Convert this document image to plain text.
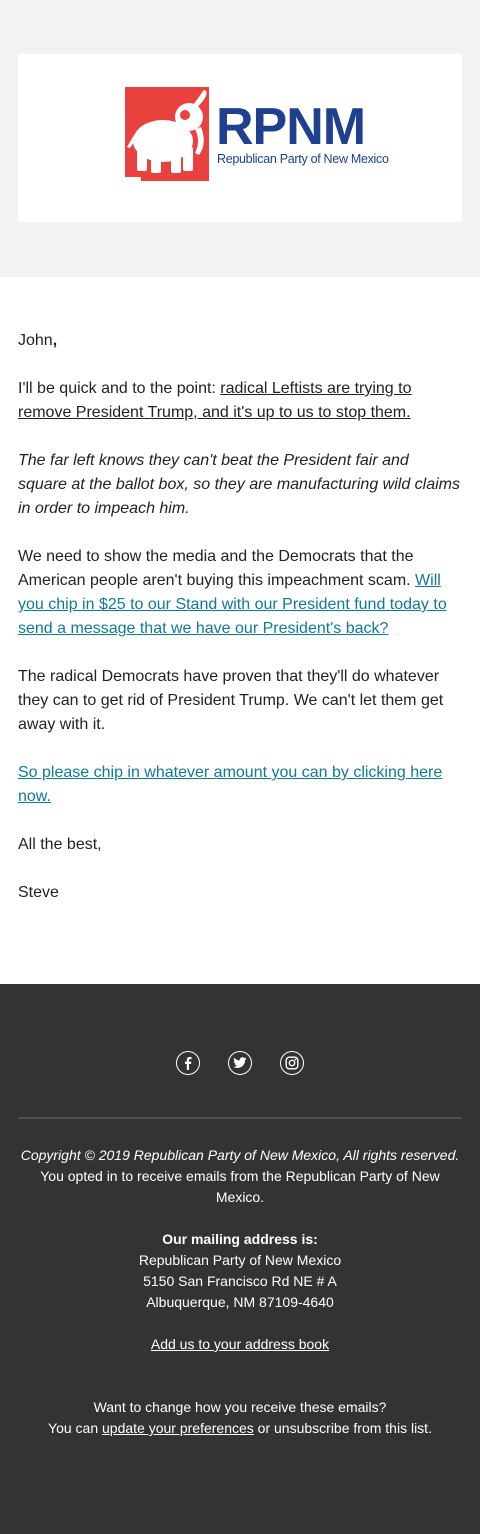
RPNM
Republican Party of New Mexico

John,

I'll be quick and to the point: radical Leftists are trying to remove President Trump, and it's up to us to stop them.

The far left knows they can't beat the President fair and square at the ballot box, so they are manufacturing wild claims in order to impeach him.

We need to show the media and the Democrats that the American people aren't buying this impeachment scam. Will you chip in $25 to our Stand with our President fund today to send a message that we have our President's back?

The radical Democrats have proven that they'll do whatever they can to get rid of President Trump. We can't let them get away with it.

So please chip in whatever amount you can by clicking here now.

All the best,

Steve

Copyright © 2019 Republican Party of New Mexico, All rights reserved.

You opted in to receive emails from the Republican Party of New Mexico.

Our mailing address is:

Republican Party of New Mexico

5150 San Francisco Rd NE # A

Albuquerque, NM 87109-4640

Add us to your address book

Want to change how you receive these emails?

You can update your preferences or unsubscribe from this list.
